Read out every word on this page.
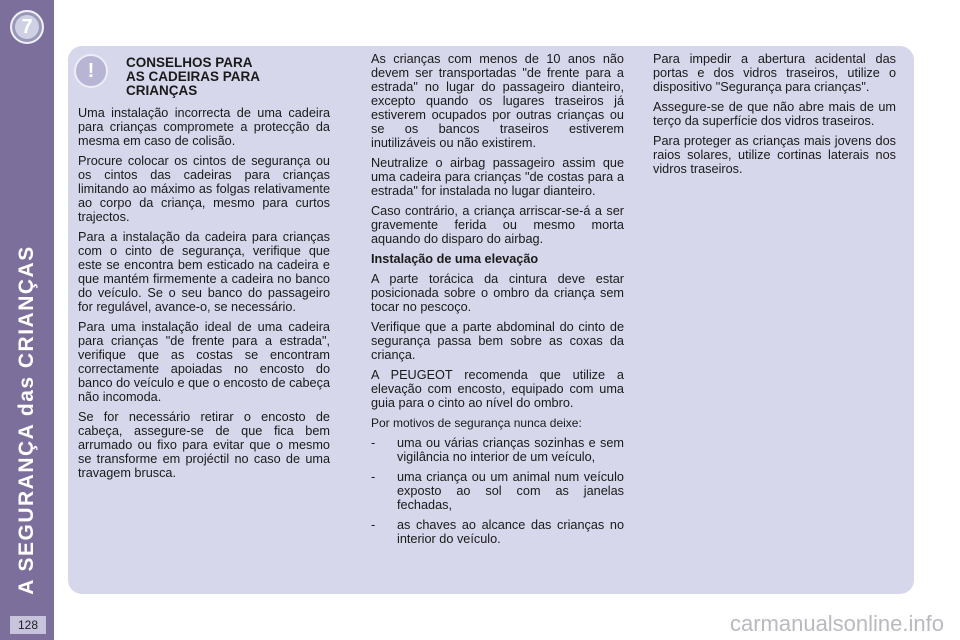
7
A SEGURANÇA das CRIANÇAS
128
! CONSELHOS PARA
AS CADEIRAS PARA
CRIANÇAS

Uma instalação incorrecta de uma cadeira para crianças compromete a protecção da mesma em caso de colisão.

Procure colocar os cintos de segurança ou os cintos das cadeiras para crianças limitando ao máximo as folgas relativamente ao corpo da criança, mesmo para curtos trajectos.

Para a instalação da cadeira para crianças com o cinto de segurança, verifique que este se encontra bem esticado na cadeira e que mantém firmemente a cadeira no banco do veículo. Se o seu banco do passageiro for regulável, avance-o, se necessário.

Para uma instalação ideal de uma cadeira para crianças "de frente para a estrada", verifique que as costas se encontram correctamente apoiadas no encosto do banco do veículo e que o encosto de cabeça não incomoda.

Se for necessário retirar o encosto de cabeça, assegure-se de que fica bem arrumado ou fixo para evitar que o mesmo se transforme em projéctil no caso de uma travagem brusca.

As crianças com menos de 10 anos não devem ser transportadas "de frente para a estrada" no lugar do passageiro dianteiro, excepto quando os lugares traseiros já estiverem ocupados por outras crianças ou se os bancos traseiros estiverem inutilizáveis ou não existirem.

Neutralize o airbag passageiro assim que uma cadeira para crianças "de costas para a estrada" for instalada no lugar dianteiro.

Caso contrário, a criança arriscar-se-á a ser gravemente ferida ou mesmo morta aquando do disparo do airbag.

Instalação de uma elevação

A parte torácica da cintura deve estar posicionada sobre o ombro da criança sem tocar no pescoço.

Verifique que a parte abdominal do cinto de segurança passa bem sobre as coxas da criança.

A PEUGEOT recomenda que utilize a elevação com encosto, equipado com uma guia para o cinto ao nível do ombro.

Por motivos de segurança nunca deixe:

-	uma ou várias crianças sozinhas e sem vigilância no interior de um veículo,
-	uma criança ou um animal num veículo exposto ao sol com as janelas fechadas,
-	as chaves ao alcance das crianças no interior do veículo.

Para impedir a abertura acidental das portas e dos vidros traseiros, utilize o dispositivo "Segurança para crianças".

Assegure-se de que não abre mais de um terço da superfície dos vidros traseiros.

Para proteger as crianças mais jovens dos raios solares, utilize cortinas laterais nos vidros traseiros.

carmanualsonline.info
